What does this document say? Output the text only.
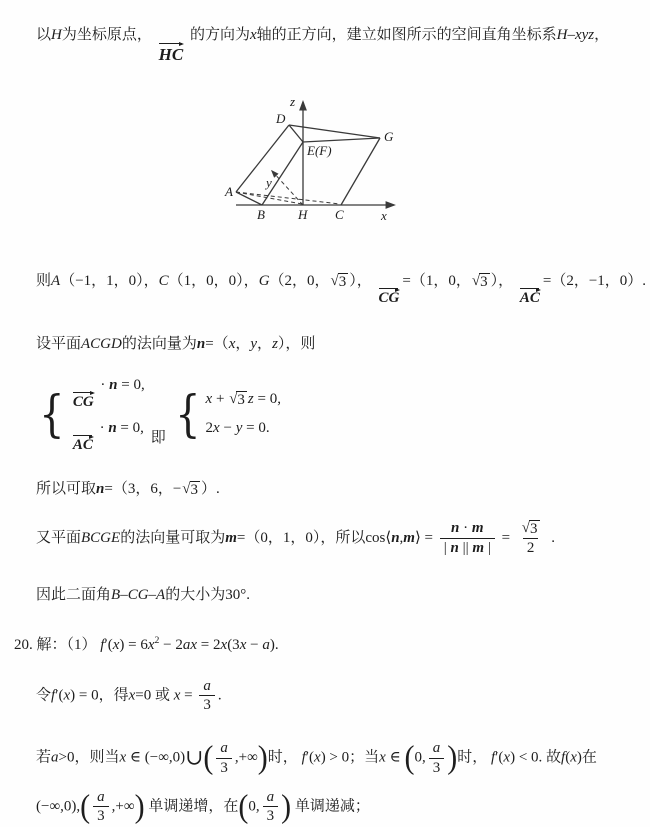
以H为坐标原点，
HC
的方向为x轴的正方向，建立如图所示的空间直角坐标系H–xyz，
z
x
y
D
E(F)
G
A
B	H C
则A（−1，1，0），C（1，0，0），G（2，0， √ 3 ），
CG
=（1，0， √ 3 ），
AC
=（2，−1，0）.
设平面ACGD的法向量为n=（x，y，z），则
{ CG
· n = 0,
AC
· n = 0,
即 { x + √ 3 z = 0,
2x − y = 0.
所以可取n=（3，6，− √ 3 ）.
又平面BCGE的法向量可取为m=（0，1，0），所以cos⟨n,m⟩ = $\frac{n \cdot m}{| n || m |} = \frac{√ 3}{2}$ .
因此二面角B–CG–A的大小为30°.
20. 解：（1） $f'(x) = 6x^2 - 2ax = 2x(3x - a)$.
令f′(x) = 0，得x=0 或 $x = \frac{a}{3}$ .
若a>0，则当x ∈ (−∞,0)∪( $\frac{a}{3}$ ,+∞)时， f′(x) > 0；当x ∈ (0, $\frac{a}{3}$ )时， f′(x) < 0. 故f(x)在
$(-\infty,0),( \frac{a}{3}$ ,+∞) 单调递增，在(0, $\frac{a}{3}$ ) 单调递减；
